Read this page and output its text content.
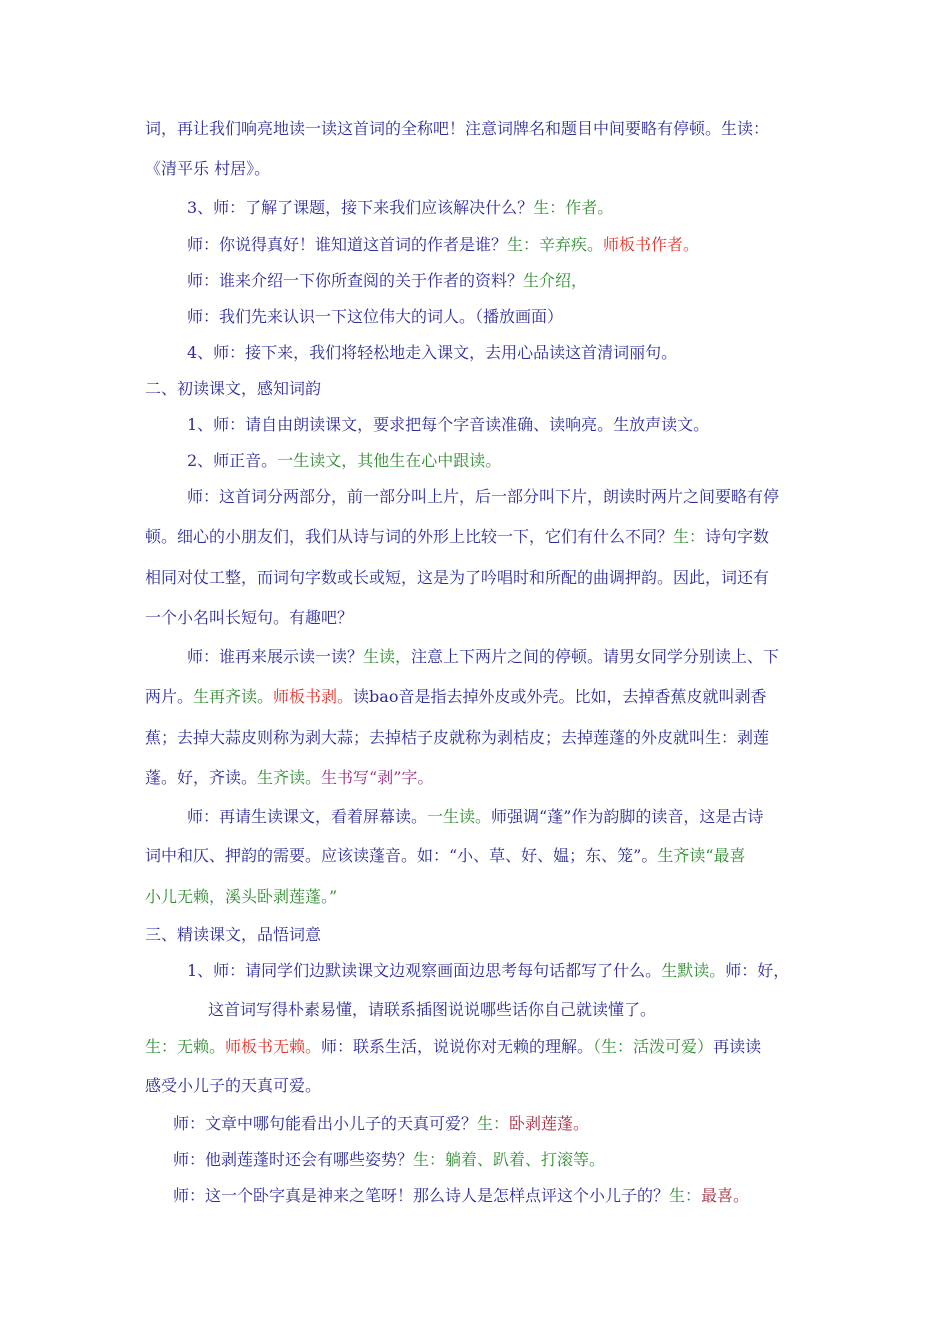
词，再让我们响亮地读一读这首词的全称吧！注意词牌名和题目中间要略有停顿。生读：
《清平乐 村居》。
3、师：了解了课题，接下来我们应该解决什么？生：作者。
师：你说得真好！谁知道这首词的作者是谁？生：辛弃疾。师板书作者。
师：谁来介绍一下你所查阅的关于作者的资料？生介绍，
师：我们先来认识一下这位伟大的词人。（播放画面）
4、师：接下来，我们将轻松地走入课文，去用心品读这首清词丽句。
二、初读课文，感知词韵
1、师：请自由朗读课文，要求把每个字音读准确、读响亮。生放声读文。
2、师正音。一生读文，其他生在心中跟读。
师：这首词分两部分，前一部分叫上片，后一部分叫下片，朗读时两片之间要略有停
顿。细心的小朋友们，我们从诗与词的外形上比较一下，它们有什么不同？生：诗句字数
相同对仗工整，而词句字数或长或短，这是为了吟唱时和所配的曲调押韵。因此，词还有
一个小名叫长短句。有趣吧？
师：谁再来展示读一读？生读，注意上下两片之间的停顿。请男女同学分别读上、下
两片。生再齐读。师板书剥。读bao音是指去掉外皮或外壳。比如，去掉香蕉皮就叫剥香
蕉；去掉大蒜皮则称为剥大蒜；去掉桔子皮就称为剥桔皮；去掉莲蓬的外皮就叫生：剥莲
蓬。好，齐读。生齐读。生书写“剥”字。
师：再请生读课文，看着屏幕读。一生读。师强调“蓬”作为韵脚的读音，这是古诗
词中和仄、押韵的需要。应该读蓬音。如：“小、草、好、媪；东、笼”。生齐读“最喜
小儿无赖，溪头卧剥莲蓬。”
三、精读课文，品悟词意
1、师：请同学们边默读课文边观察画面边思考每句话都写了什么。生默读。师：好，
这首词写得朴素易懂，请联系插图说说哪些话你自己就读懂了。
生：无赖。师板书无赖。师：联系生活，说说你对无赖的理解。（生：活泼可爱）再读读
感受小儿子的天真可爱。
师：文章中哪句能看出小儿子的天真可爱？生：卧剥莲蓬。
师：他剥莲蓬时还会有哪些姿势？生：躺着、趴着、打滚等。
师：这一个卧字真是神来之笔呀！那么诗人是怎样点评这个小儿子的？生：最喜。
